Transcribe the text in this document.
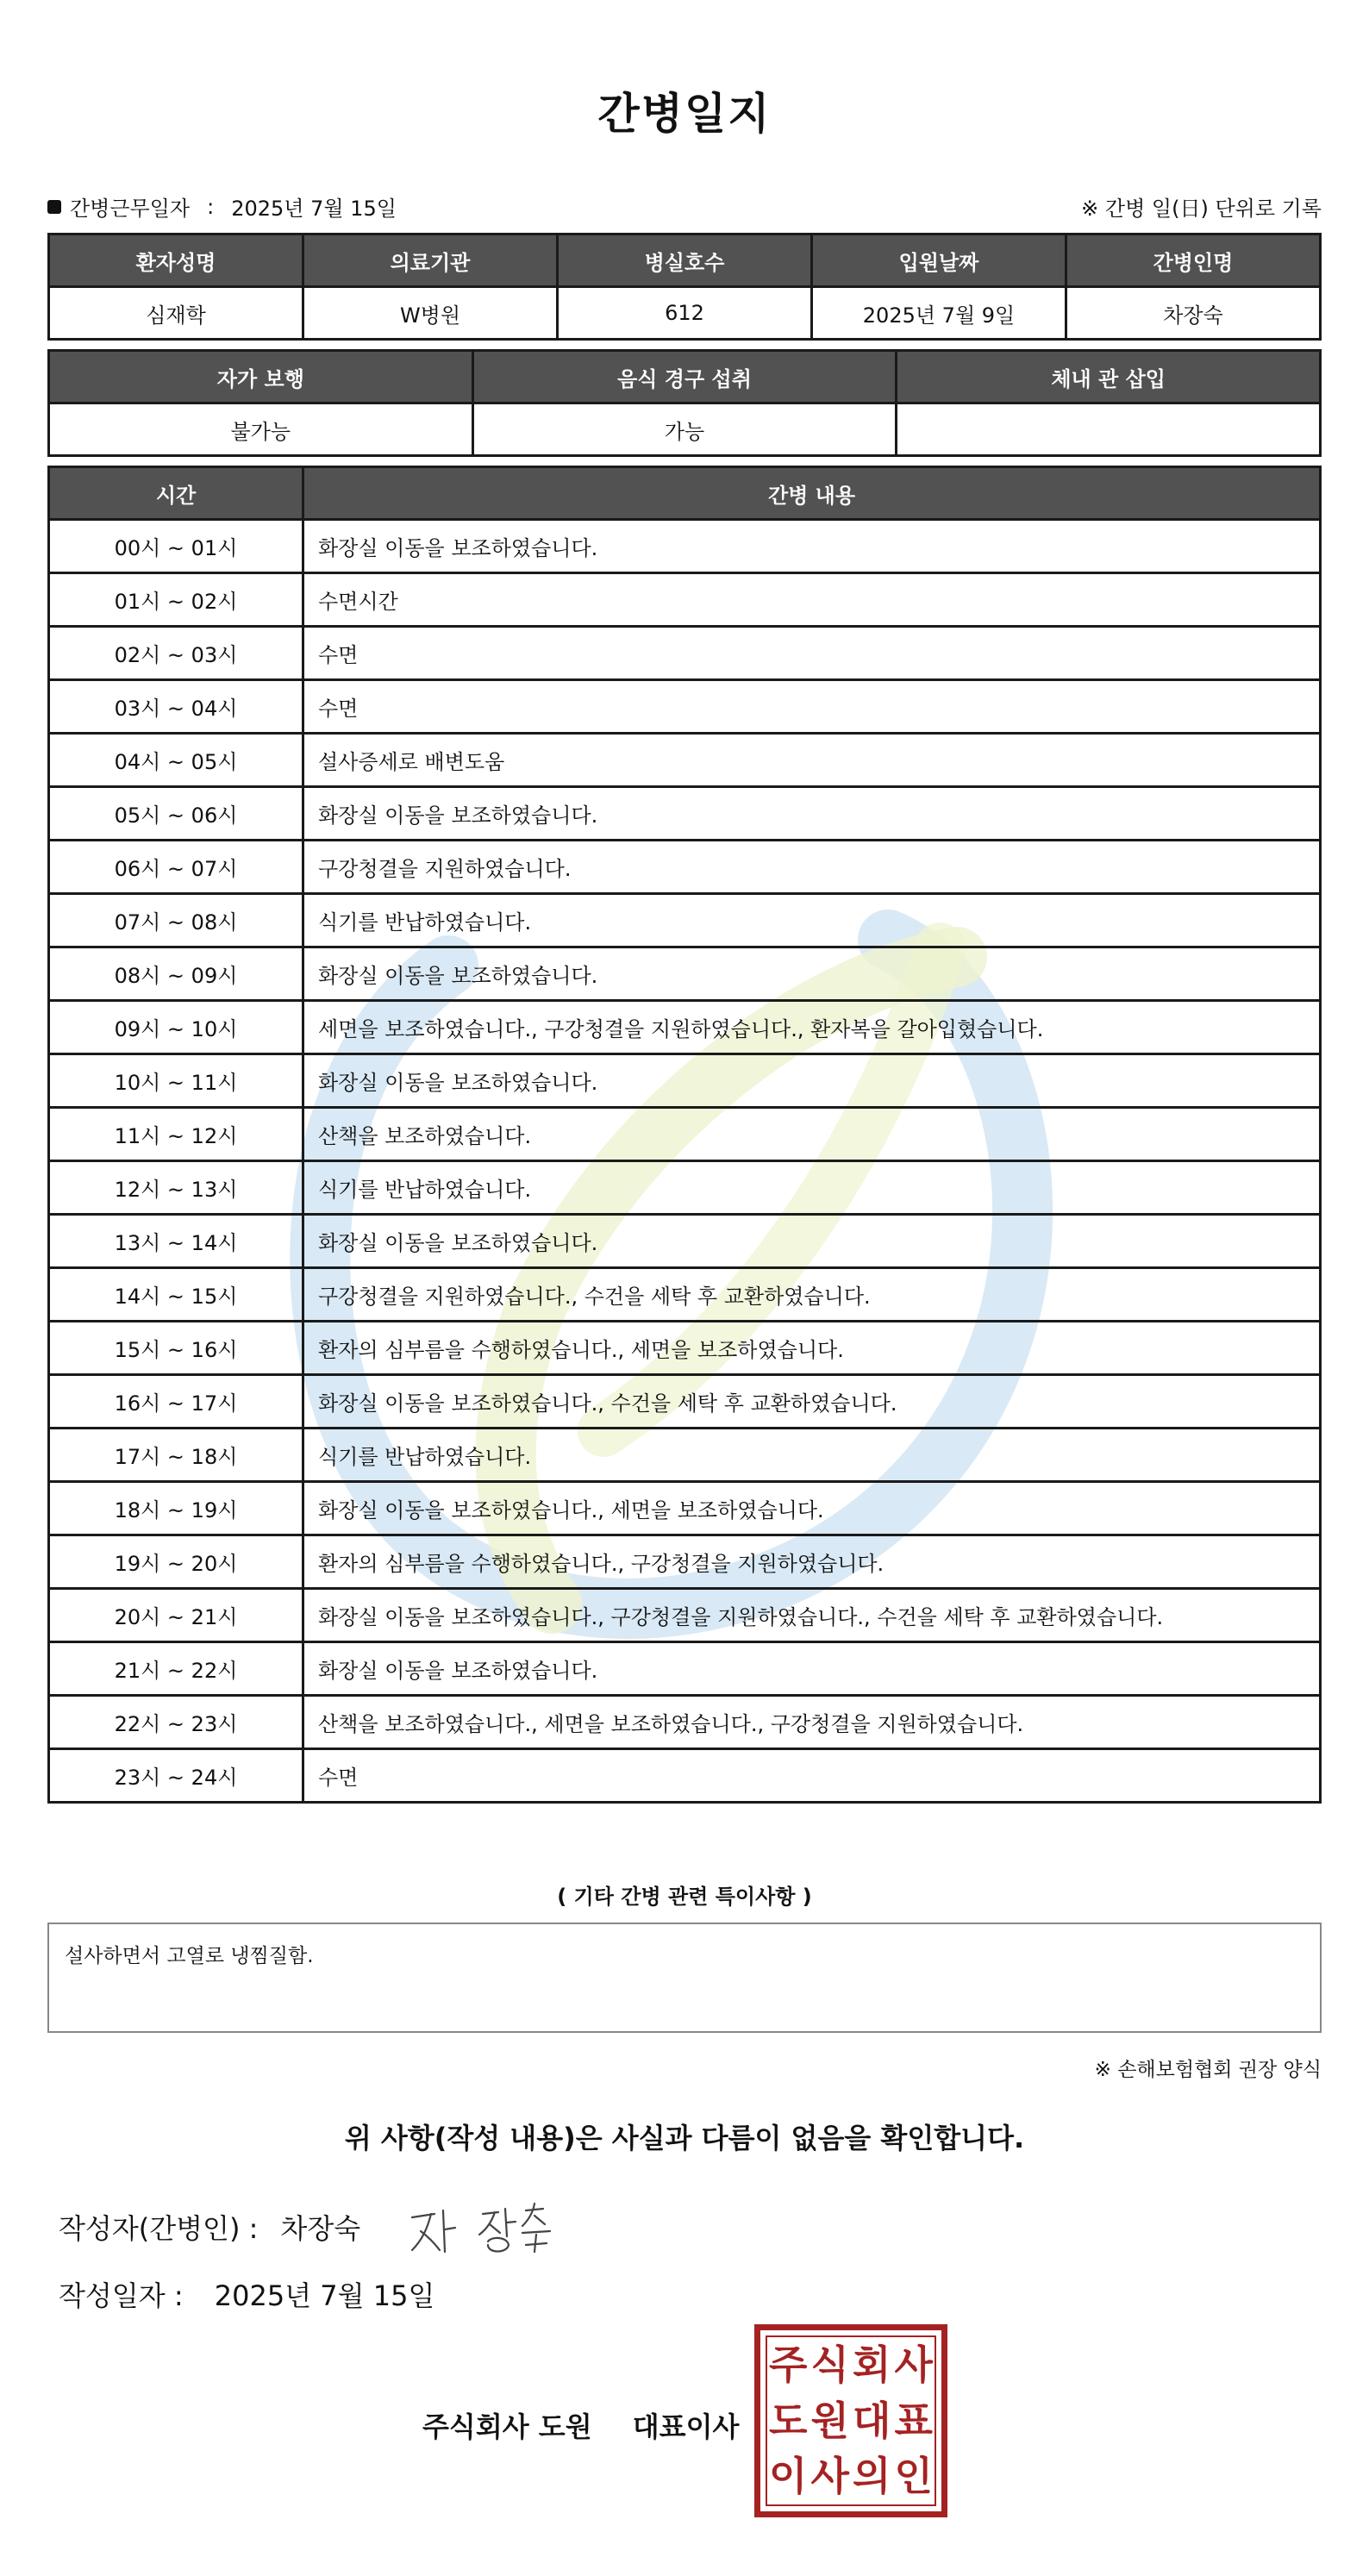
간병일지
간병근무일자 : 2025년 7월 15일	※ 간병 일(日) 단위로 기록
환자성명	의료기관	병실호수	입원날짜	간병인명
심재학	W병원	612	2025년 7월 9일	차장숙
자가 보행	음식 경구 섭취	체내 관 삽입
불가능	가능	
시간	간병 내용
00시 ~ 01시	화장실 이동을 보조하였습니다.
01시 ~ 02시	수면시간
02시 ~ 03시	수면
03시 ~ 04시	수면
04시 ~ 05시	설사증세로 배변도움
05시 ~ 06시	화장실 이동을 보조하였습니다.
06시 ~ 07시	구강청결을 지원하였습니다.
07시 ~ 08시	식기를 반납하였습니다.
08시 ~ 09시	화장실 이동을 보조하였습니다.
09시 ~ 10시	세면을 보조하였습니다., 구강청결을 지원하였습니다., 환자복을 갈아입혔습니다.
10시 ~ 11시	화장실 이동을 보조하였습니다.
11시 ~ 12시	산책을 보조하였습니다.
12시 ~ 13시	식기를 반납하였습니다.
13시 ~ 14시	화장실 이동을 보조하였습니다.
14시 ~ 15시	구강청결을 지원하였습니다., 수건을 세탁 후 교환하였습니다.
15시 ~ 16시	환자의 심부름을 수행하였습니다., 세면을 보조하였습니다.
16시 ~ 17시	화장실 이동을 보조하였습니다., 수건을 세탁 후 교환하였습니다.
17시 ~ 18시	식기를 반납하였습니다.
18시 ~ 19시	화장실 이동을 보조하였습니다., 세면을 보조하였습니다.
19시 ~ 20시	환자의 심부름을 수행하였습니다., 구강청결을 지원하였습니다.
20시 ~ 21시	화장실 이동을 보조하였습니다., 구강청결을 지원하였습니다., 수건을 세탁 후 교환하였습니다.
21시 ~ 22시	화장실 이동을 보조하였습니다.
22시 ~ 23시	산책을 보조하였습니다., 세면을 보조하였습니다., 구강청결을 지원하였습니다.
23시 ~ 24시	수면
( 기타 간병 관련 특이사항 )
설사하면서 고열로 냉찜질함.
※ 손해보험협회 권장 양식
위 사항(작성 내용)은 사실과 다름이 없음을 확인합니다.
작성자(간병인) : 차장숙
작성일자 : 2025년 7월 15일
주식회사 도원 대표이사
주 식 회 사
도 원 대 표
이 사 의 인
